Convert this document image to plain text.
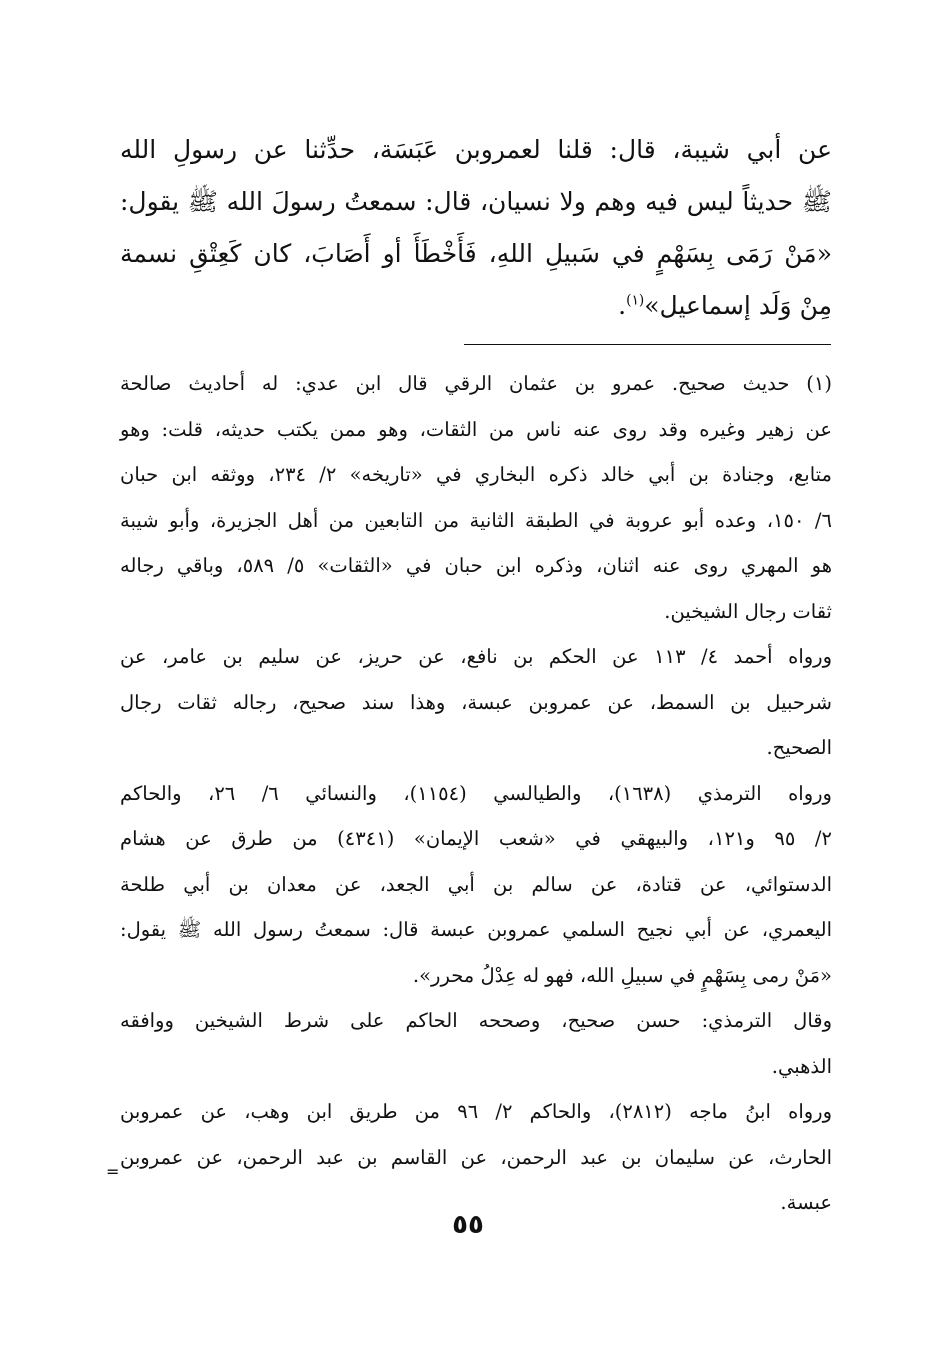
عن أبي شيبة، قال: قلنا لعمروبن عَبَسَة، حدِّثنا عن رسولِ الله
ﷺ حديثاً ليس فيه وهم ولا نسيان، قال: سمعتُ رسولَ الله ﷺ يقول:
«مَنْ رَمَى بِسَهْمٍ في سَبيلِ اللهِ، فَأَخْطَأَ أو أَصَابَ، كان كَعِتْقِ نسمة
مِنْ وَلَد إسماعيل»$^{(١)}$.
(١) حديث صحيح. عمرو بن عثمان الرقي قال ابن عدي: له أحاديث صالحة
عن زهير وغيره وقد روى عنه ناس من الثقات، وهو ممن يكتب حديثه، قلت: وهو
متابع، وجنادة بن أبي خالد ذكره البخاري في «تاريخه» ٢/ ٢٣٤، ووثقه ابن حبان
٦/ ١٥٠، وعده أبو عروبة في الطبقة الثانية من التابعين من أهل الجزيرة، وأبو شيبة
هو المهري روى عنه اثنان، وذكره ابن حبان في «الثقات» ٥/ ٥٨٩، وباقي رجاله
ثقات رجال الشيخين.
ورواه أحمد ٤/ ١١٣ عن الحكم بن نافع، عن حريز، عن سليم بن عامر، عن
شرحبيل بن السمط، عن عمروبن عبسة، وهذا سند صحيح، رجاله ثقات رجال
الصحيح.
ورواه الترمذي (١٦٣٨)، والطيالسي (١١٥٤)، والنسائي ٦/ ٢٦، والحاكم
٢/ ٩٥ و١٢١، والبيهقي في «شعب الإيمان» (٤٣٤١) من طرق عن هشام
الدستوائي، عن قتادة، عن سالم بن أبي الجعد، عن معدان بن أبي طلحة
اليعمري، عن أبي نجيح السلمي عمروبن عبسة قال: سمعتُ رسول الله ﷺ يقول:
«مَنْ رمى بِسَهْمٍ في سبيلِ الله، فهو له عِدْلُ محرر».
وقال الترمذي: حسن صحيح، وصححه الحاكم على شرط الشيخين ووافقه
الذهبي.
ورواه ابنُ ماجه (٢٨١٢)، والحاكم ٢/ ٩٦ من طريق ابن وهب، عن عمروبن
الحارث، عن سليمان بن عبد الرحمن، عن القاسم بن عبد الرحمن، عن عمروبن
عبسة.
=
٥٥
